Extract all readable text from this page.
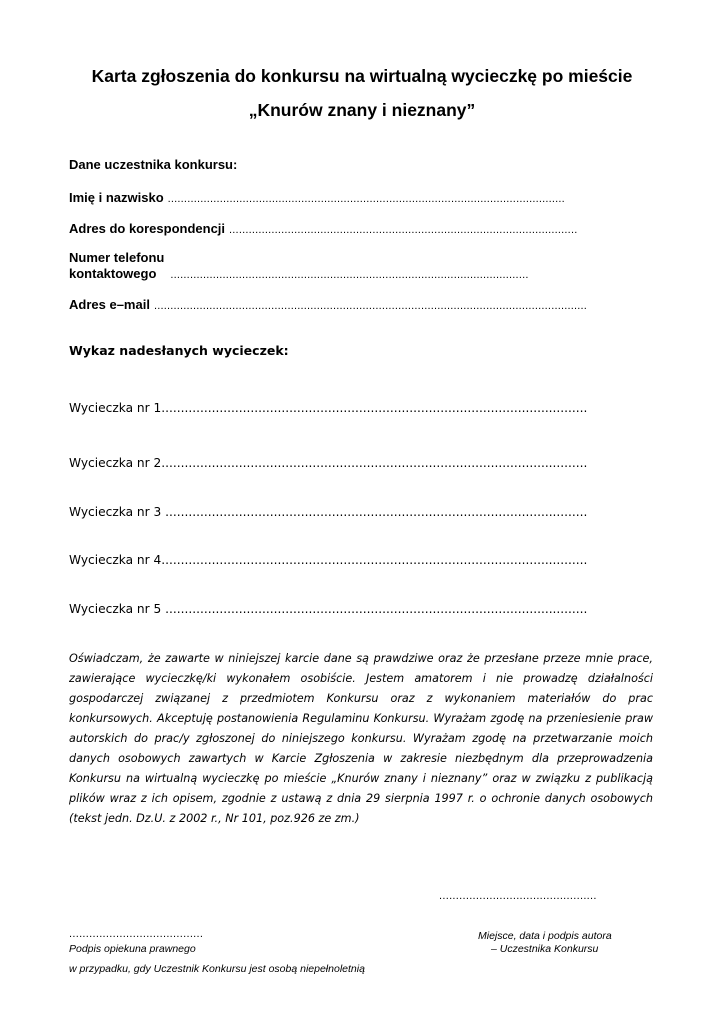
Karta zgłoszenia do konkursu na wirtualną wycieczkę po mieście
„Knurów znany i nieznany”
Dane uczestnika konkursu:
Imię i nazwisko ..........................................................................................................................
Adres do korespondencji ...........................................................................................................
Numer telefonu
kontaktowego ..............................................................................................................
Adres e–mail .....................................................................................................................................
Wykaz nadesłanych wycieczek:
Wycieczka nr 1..............................................................................................................
Wycieczka nr 2..............................................................................................................
Wycieczka nr 3 .............................................................................................................
Wycieczka nr 4..............................................................................................................
Wycieczka nr 5 .............................................................................................................

Oświadczam, że zawarte w niniejszej karcie dane są prawdziwe oraz że przesłane przeze mnie prace, zawierające wycieczkę/ki wykonałem osobiście. Jestem amatorem i nie prowadzę działalności gospodarczej związanej z przedmiotem Konkursu oraz z wykonaniem materiałów do prac konkursowych. Akceptuję postanowienia Regulaminu Konkursu. Wyrażam zgodę na przeniesienie praw autorskich do prac/y zgłoszonej do niniejszego konkursu. Wyrażam zgodę na przetwarzanie moich danych osobowych zawartych w Karcie Zgłoszenia w zakresie niezbędnym dla przeprowadzenia Konkursu na wirtualną wycieczkę po mieście „Knurów znany i nieznany” oraz w związku z publikacją plików wraz z ich opisem, zgodnie z ustawą z dnia 29 sierpnia 1997 r. o ochronie danych osobowych (tekst jedn. Dz.U. z 2002 r., Nr 101, poz.926 ze zm.)

...............................................
Miejsce, data i podpis autora
– Uczestnika Konkursu
........................................
Podpis opiekuna prawnego
w przypadku, gdy Uczestnik Konkursu jest osobą niepełnoletnią
